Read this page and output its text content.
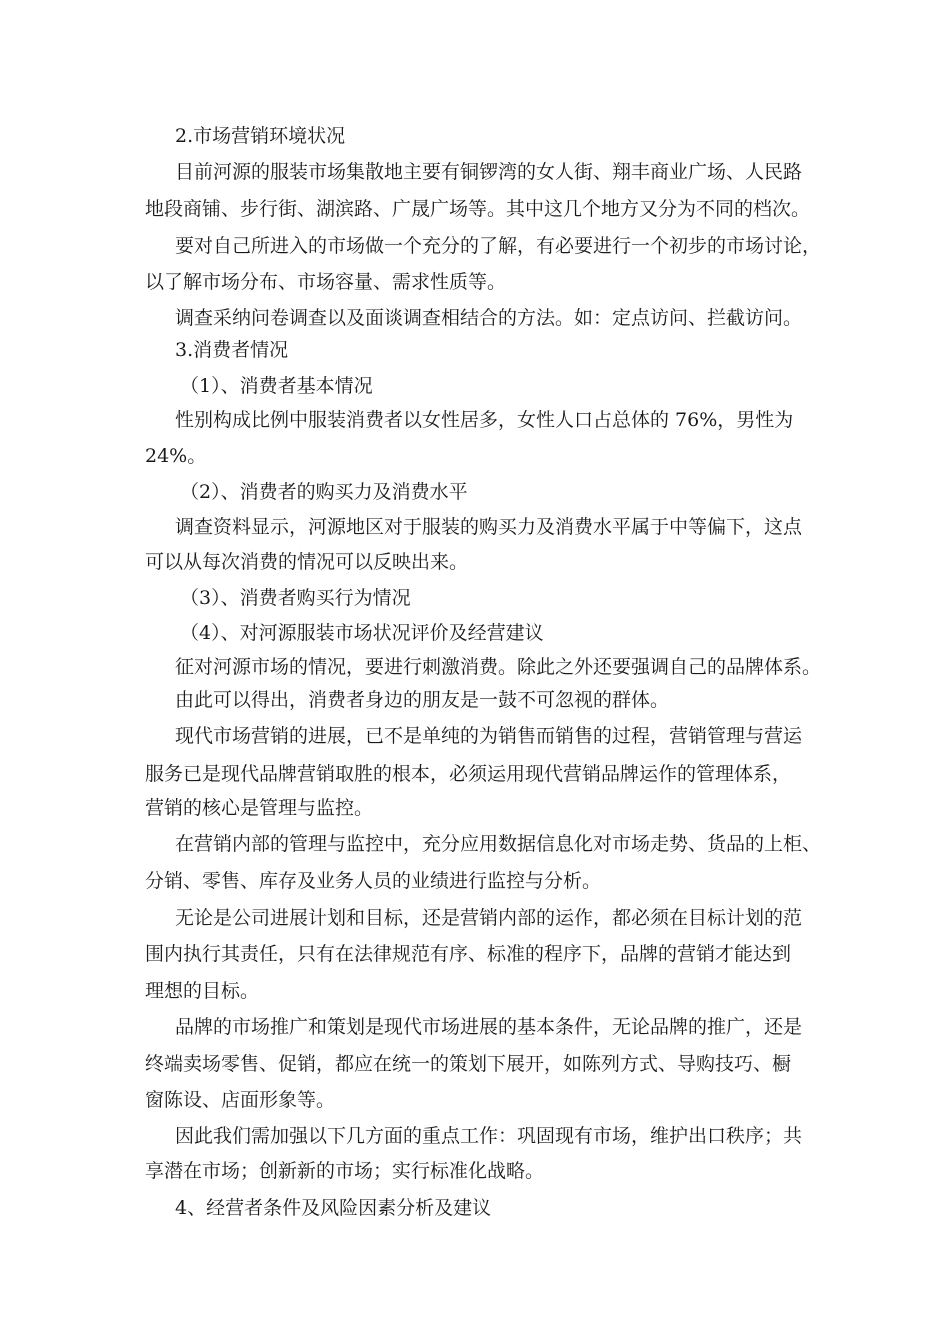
2.市场营销环境状况
目前河源的服装市场集散地主要有铜锣湾的女人街、翔丰商业广场、人民路
地段商铺、步行街、湖滨路、广晟广场等。其中这几个地方又分为不同的档次。
要对自己所进入的市场做一个充分的了解，有必要进行一个初步的市场讨论，
以了解市场分布、市场容量、需求性质等。
调查采纳问卷调查以及面谈调查相结合的方法。如：定点访问、拦截访问。
3.消费者情况
（1）、消费者基本情况
性别构成比例中服装消费者以女性居多，女性人口占总体的 76%，男性为
24%。
（2）、消费者的购买力及消费水平
调查资料显示，河源地区对于服装的购买力及消费水平属于中等偏下，这点
可以从每次消费的情况可以反映出来。
（3）、消费者购买行为情况
（4）、对河源服装市场状况评价及经营建议
征对河源市场的情况，要进行刺激消费。除此之外还要强调自己的品牌体系。
由此可以得出，消费者身边的朋友是一鼓不可忽视的群体。
现代市场营销的进展，已不是单纯的为销售而销售的过程，营销管理与营运
服务已是现代品牌营销取胜的根本，必须运用现代营销品牌运作的管理体系，
营销的核心是管理与监控。
在营销内部的管理与监控中，充分应用数据信息化对市场走势、货品的上柜、
分销、零售、库存及业务人员的业绩进行监控与分析。
无论是公司进展计划和目标，还是营销内部的运作，都必须在目标计划的范
围内执行其责任，只有在法律规范有序、标准的程序下，品牌的营销才能达到
理想的目标。
品牌的市场推广和策划是现代市场进展的基本条件，无论品牌的推广，还是
终端卖场零售、促销，都应在统一的策划下展开，如陈列方式、导购技巧、橱
窗陈设、店面形象等。
因此我们需加强以下几方面的重点工作：巩固现有市场，维护出口秩序；共
享潜在市场；创新新的市场；实行标准化战略。
4、经营者条件及风险因素分析及建议
